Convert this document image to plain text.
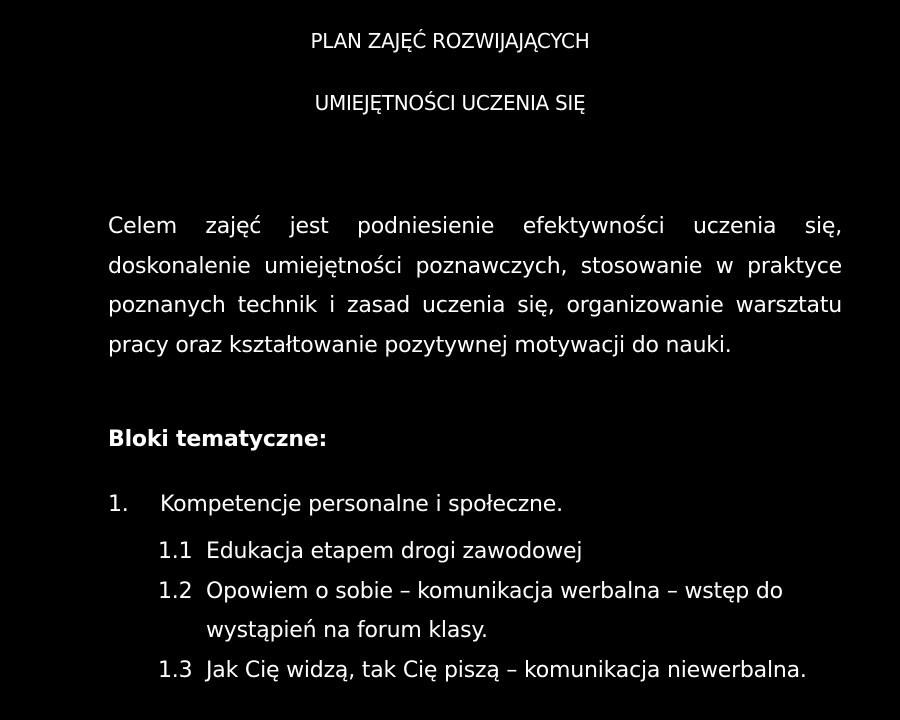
PLAN ZAJĘĆ ROZWIJAJĄCYCH
UMIEJĘTNOŚCI UCZENIA SIĘ
Celem zajęć jest podniesienie efektywności uczenia się, doskonalenie umiejętności poznawczych, stosowanie w praktyce poznanych technik i zasad uczenia się, organizowanie warsztatu pracy oraz kształtowanie pozytywnej motywacji do nauki.
Bloki tematyczne:
1. Kompetencje personalne i społeczne.
1.1 Edukacja etapem drogi zawodowej
1.2 Opowiem o sobie – komunikacja werbalna – wstęp do wystąpień na forum klasy.
1.3 Jak Cię widzą, tak Cię piszą – komunikacja niewerbalna.
